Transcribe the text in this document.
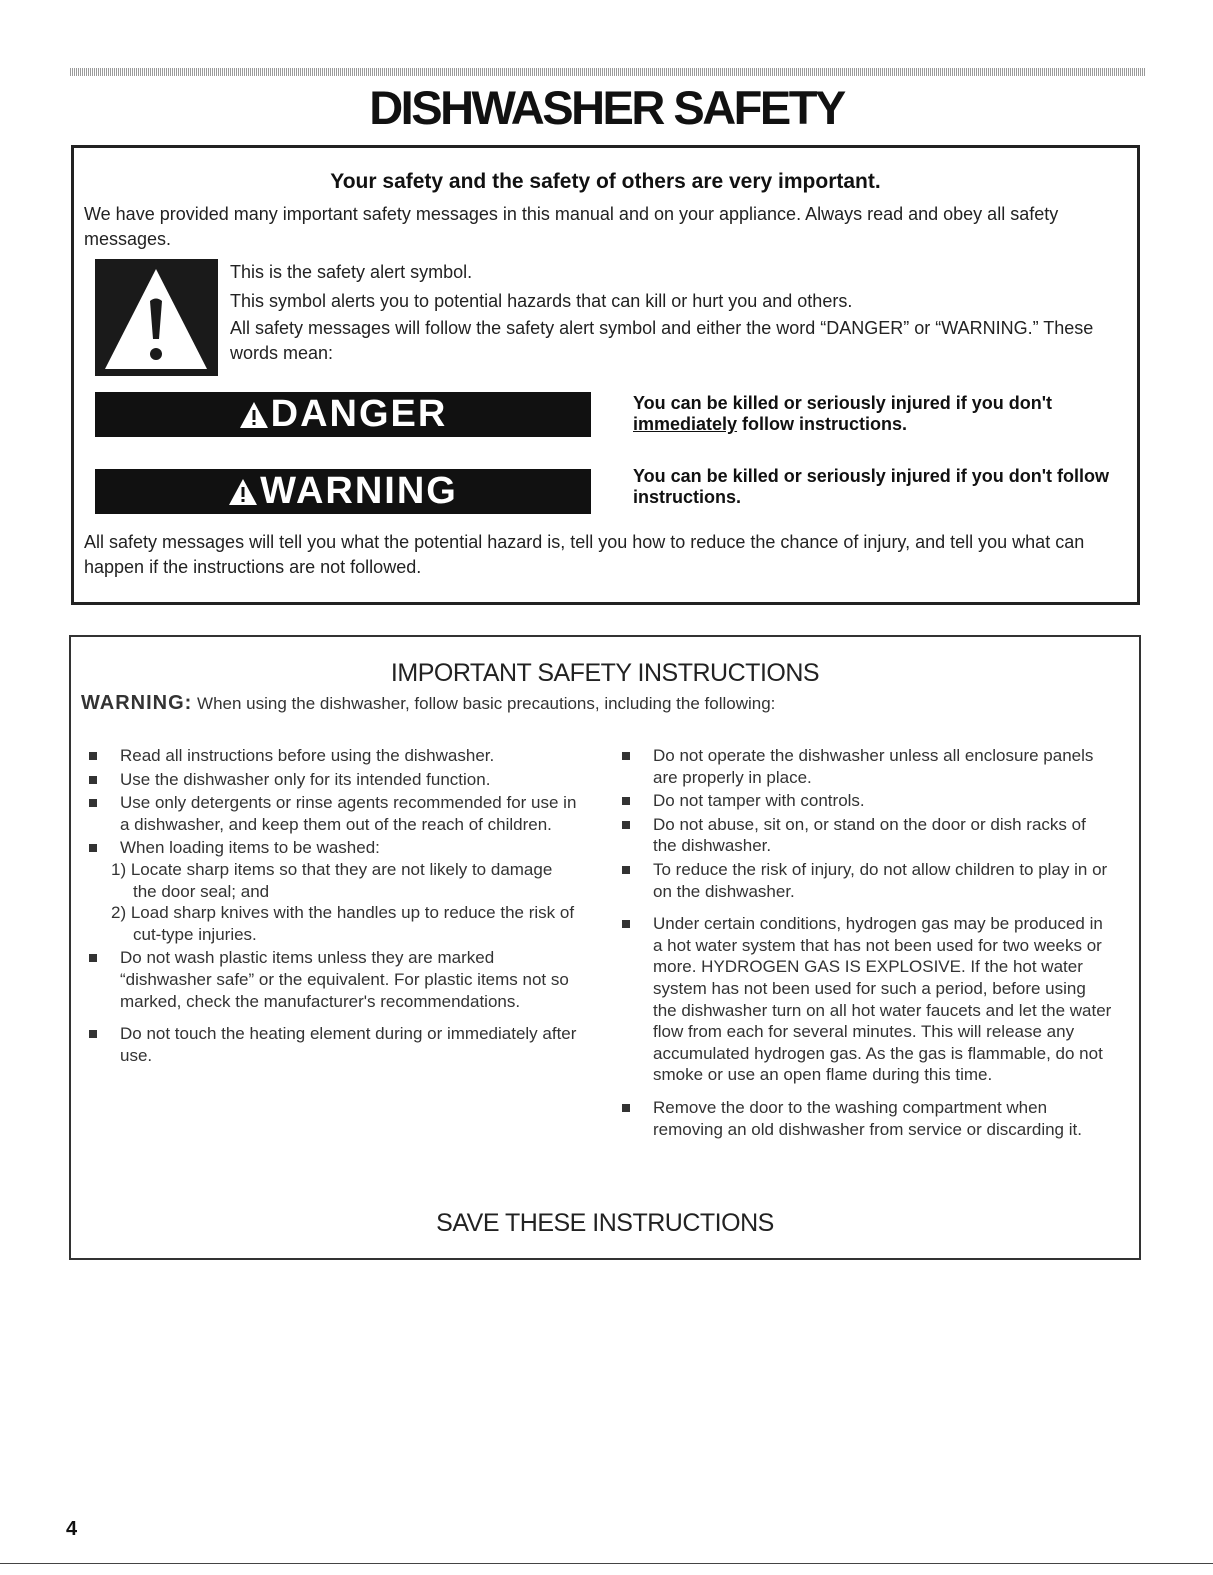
DISHWASHER SAFETY
Your safety and the safety of others are very important.
We have provided many important safety messages in this manual and on your appliance. Always read and obey all safety messages.
This is the safety alert symbol.
This symbol alerts you to potential hazards that can kill or hurt you and others.
All safety messages will follow the safety alert symbol and either the word “DANGER” or “WARNING.” These words mean:
DANGER	You can be killed or seriously injured if you don't immediately follow instructions.
WARNING	You can be killed or seriously injured if you don't follow instructions.
All safety messages will tell you what the potential hazard is, tell you how to reduce the chance of injury, and tell you what can happen if the instructions are not followed.
IMPORTANT SAFETY INSTRUCTIONS
WARNING: When using the dishwasher, follow basic precautions, including the following:
Read all instructions before using the dishwasher.
Use the dishwasher only for its intended function.
Use only detergents or rinse agents recommended for use in a dishwasher, and keep them out of the reach of children.
When loading items to be washed:
1) Locate sharp items so that they are not likely to damage the door seal; and
2) Load sharp knives with the handles up to reduce the risk of cut-type injuries.
Do not wash plastic items unless they are marked “dishwasher safe” or the equivalent. For plastic items not so marked, check the manufacturer's recommendations.
Do not touch the heating element during or immediately after use.
Do not operate the dishwasher unless all enclosure panels are properly in place.
Do not tamper with controls.
Do not abuse, sit on, or stand on the door or dish racks of the dishwasher.
To reduce the risk of injury, do not allow children to play in or on the dishwasher.
Under certain conditions, hydrogen gas may be produced in a hot water system that has not been used for two weeks or more. HYDROGEN GAS IS EXPLOSIVE. If the hot water system has not been used for such a period, before using the dishwasher turn on all hot water faucets and let the water flow from each for several minutes. This will release any accumulated hydrogen gas. As the gas is flammable, do not smoke or use an open flame during this time.
Remove the door to the washing compartment when removing an old dishwasher from service or discarding it.
SAVE THESE INSTRUCTIONS
4
